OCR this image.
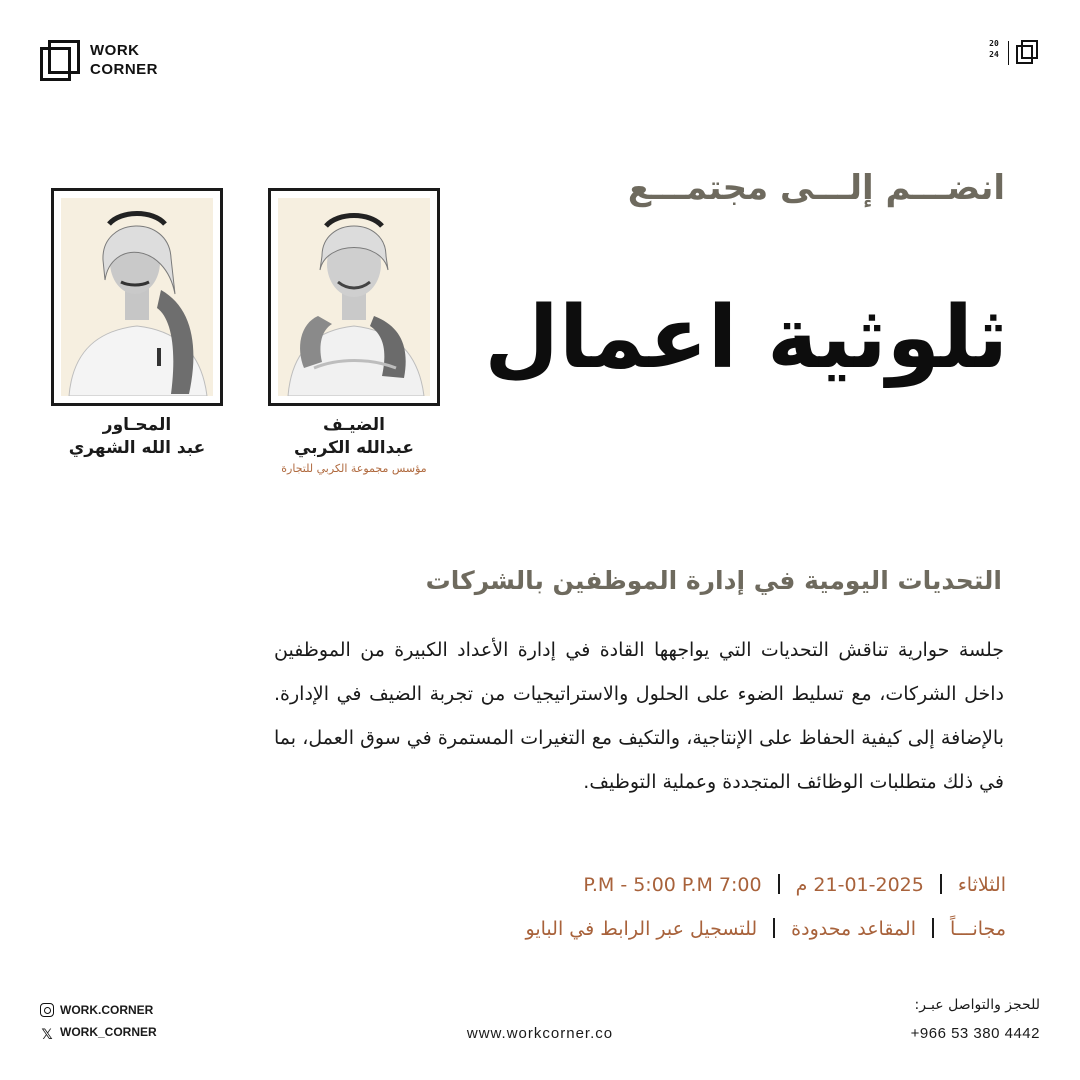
WORK
CORNER
20
24
انضـــم إلـــى مجتمـــع
ثلوثية اعمال
الضيـف
عبدالله الكربي
مؤسس مجموعة الكربي للتجارة
المحـاور
عبد الله الشهري
التحديات اليومية في إدارة الموظفين بالشركات
جلسة حوارية تناقش التحديات التي يواجهها القادة في إدارة الأعداد الكبيرة من الموظفين داخل الشركات، مع تسليط الضوء على الحلول والاستراتيجيات من تجربة الضيف في الإدارة. بالإضافة إلى كيفية الحفاظ على الإنتاجية، والتكيف مع التغيرات المستمرة في سوق العمل، بما في ذلك متطلبات الوظائف المتجددة وعملية التوظيف.
الثلاثاء2025-01-21 م7:00 P.M - 5:00 P.M
مجانـــاًالمقاعد محدودةللتسجيل عبر الرابط في البايو
WORK.CORNER
𝕏 WORK_CORNER	www.workcorner.co
للحجز والتواصل عبـر:
+966 53 380 4442
